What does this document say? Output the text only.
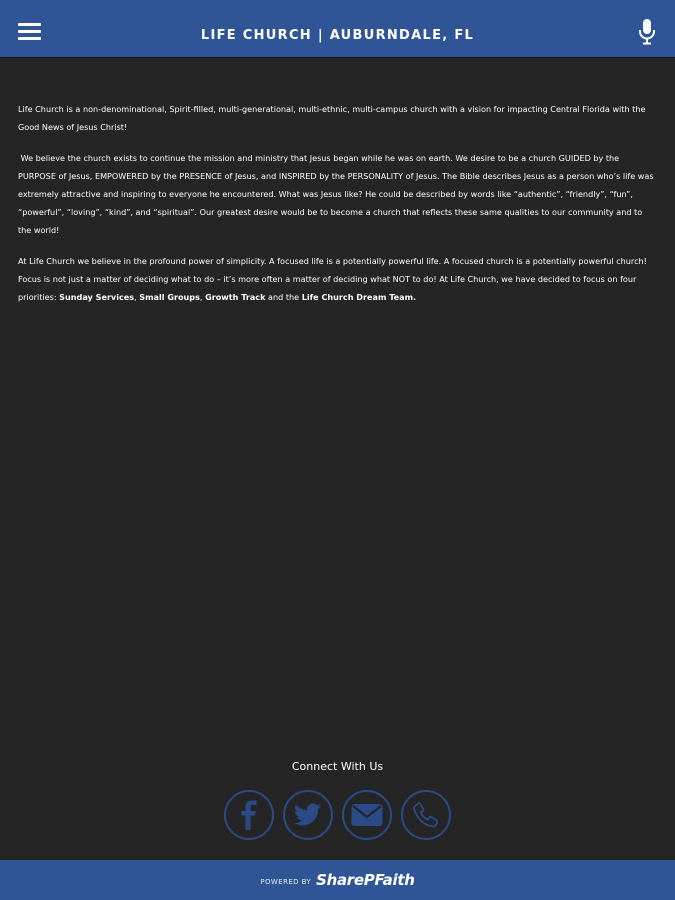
LIFE CHURCH | AUBURNDALE, FL

Life Church is a non-denominational, Spirit-filled, multi-generational, multi-ethnic, multi-campus church with a vision for impacting Central Florida with the Good News of Jesus Christ!

We believe the church exists to continue the mission and ministry that Jesus began while he was on earth. We desire to be a church GUIDED by the PURPOSE of Jesus, EMPOWERED by the PRESENCE of Jesus, and INSPIRED by the PERSONALITY of Jesus. The Bible describes Jesus as a person who’s life was extremely attractive and inspiring to everyone he encountered. What was Jesus like? He could be described by words like “authentic”, “friendly”, “fun”, “powerful”, “loving”, “kind”, and “spiritual”. Our greatest desire would be to become a church that reflects these same qualities to our community and to the world!

At Life Church we believe in the profound power of simplicity. A focused life is a potentially powerful life. A focused church is a potentially powerful church! Focus is not just a matter of deciding what to do – it’s more often a matter of deciding what NOT to do! At Life Church, we have decided to focus on four priorities: Sunday Services, Small Groups, Growth Track and the Life Church Dream Team.

Connect With Us
POWERED BY SharePFaith
